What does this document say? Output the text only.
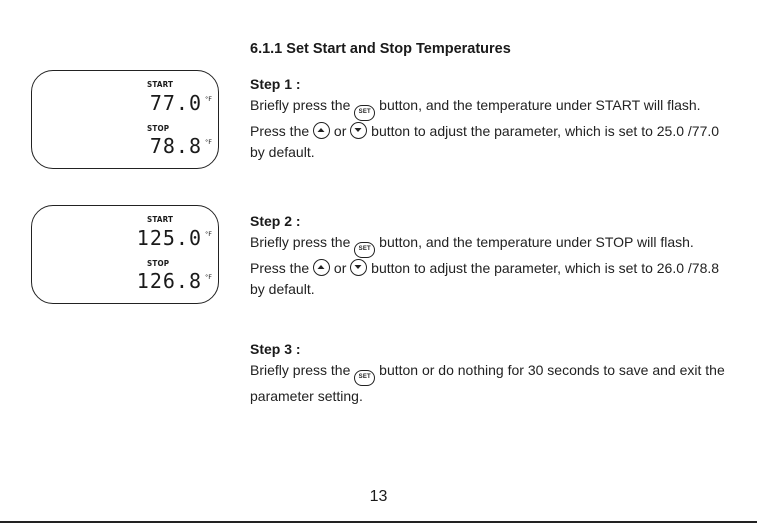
6.1.1 Set Start and Stop Temperatures
START
77.0 °F
STOP
78.8 °F
START
125.0 °F
STOP
126.8 °F

Step 1 :

Briefly press the SET button, and the temperature under START will flash. Press the
or
button to adjust the parameter, which is set to 25.0 /77.0 by default.

Step 2 :

Briefly press the SET button, and the temperature under STOP will flash. Press the
or
button to adjust the parameter, which is set to 26.0 /78.8 by default.

Step 3 :

Briefly press the SET button or do nothing for 30 seconds to save and exit the parameter setting.

13
